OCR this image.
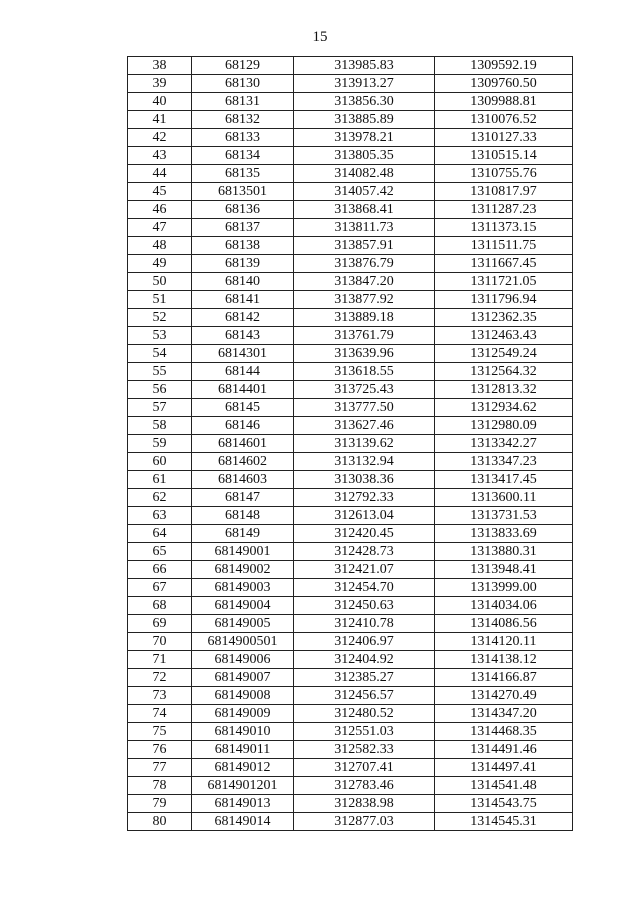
15
38	68129	313985.83	1309592.19
39	68130	313913.27	1309760.50
40	68131	313856.30	1309988.81
41	68132	313885.89	1310076.52
42	68133	313978.21	1310127.33
43	68134	313805.35	1310515.14
44	68135	314082.48	1310755.76
45	6813501	314057.42	1310817.97
46	68136	313868.41	1311287.23
47	68137	313811.73	1311373.15
48	68138	313857.91	1311511.75
49	68139	313876.79	1311667.45
50	68140	313847.20	1311721.05
51	68141	313877.92	1311796.94
52	68142	313889.18	1312362.35
53	68143	313761.79	1312463.43
54	6814301	313639.96	1312549.24
55	68144	313618.55	1312564.32
56	6814401	313725.43	1312813.32
57	68145	313777.50	1312934.62
58	68146	313627.46	1312980.09
59	6814601	313139.62	1313342.27
60	6814602	313132.94	1313347.23
61	6814603	313038.36	1313417.45
62	68147	312792.33	1313600.11
63	68148	312613.04	1313731.53
64	68149	312420.45	1313833.69
65	68149001	312428.73	1313880.31
66	68149002	312421.07	1313948.41
67	68149003	312454.70	1313999.00
68	68149004	312450.63	1314034.06
69	68149005	312410.78	1314086.56
70	6814900501	312406.97	1314120.11
71	68149006	312404.92	1314138.12
72	68149007	312385.27	1314166.87
73	68149008	312456.57	1314270.49
74	68149009	312480.52	1314347.20
75	68149010	312551.03	1314468.35
76	68149011	312582.33	1314491.46
77	68149012	312707.41	1314497.41
78	6814901201	312783.46	1314541.48
79	68149013	312838.98	1314543.75
80	68149014	312877.03	1314545.31
